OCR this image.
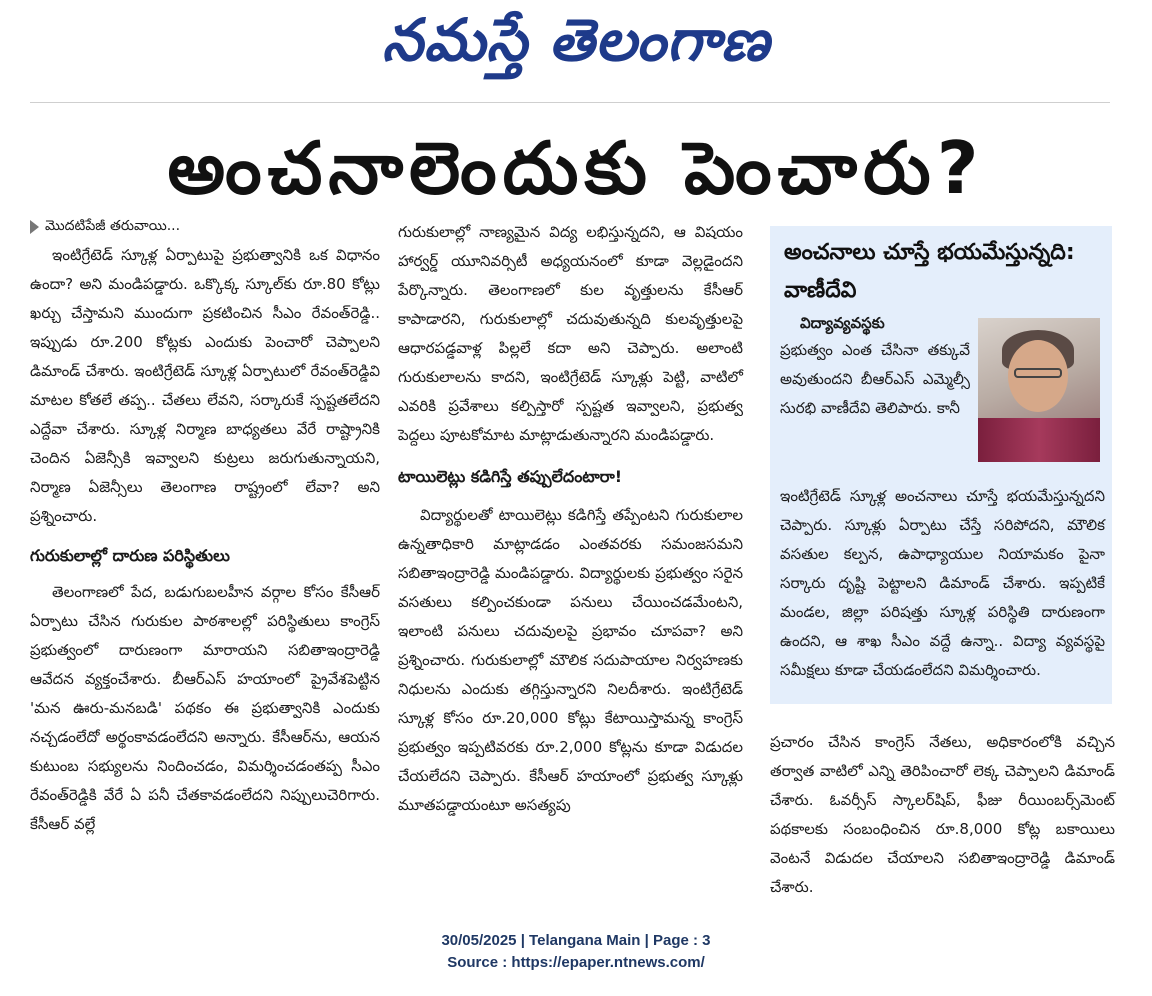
నమస్తే తెలంగాణ
అంచనాలెందుకు పెంచారు?
మొదటిపేజీ తరువాయి...

ఇంటిగ్రేటెడ్ స్కూళ్ల ఏర్పాటుపై ప్రభుత్వానికి ఒక విధానం ఉందా? అని మండిపడ్డారు. ఒక్కొక్క స్కూల్‌కు రూ.80 కోట్లు ఖర్చు చేస్తామని ముందుగా ప్రకటించిన సీఎం రేవంత్‌రెడ్డి.. ఇప్పుడు రూ.200 కోట్లకు ఎందుకు పెంచారో చెప్పాలని డిమాండ్ చేశారు. ఇంటిగ్రేటెడ్ స్కూళ్ల ఏర్పాటులో రేవంత్‌రెడ్డివి మాటల కోతలే తప్ప.. చేతలు లేవని, సర్కారుకే స్పష్టతలేదని ఎద్దేవా చేశారు. స్కూళ్ల నిర్మాణ బాధ్యతలు వేరే రాష్ట్రానికి చెందిన ఏజెన్సీకి ఇవ్వాలని కుట్రలు జరుగుతున్నాయని, నిర్మాణ ఏజెన్సీలు తెలంగాణ రాష్ట్రంలో లేవా? అని ప్రశ్నించారు.

గురుకులాల్లో దారుణ పరిస్థితులు

తెలంగాణలో పేద, బడుగుబలహీన వర్గాల కోసం కేసీఆర్ ఏర్పాటు చేసిన గురుకుల పాఠశాలల్లో పరిస్థితులు కాంగ్రెస్ ప్రభుత్వంలో దారుణంగా మారాయని సబితాఇంద్రారెడ్డి ఆవేదన వ్యక్తంచేశారు. బీఆర్‌ఎస్ హయాంలో ప్రైవేశపెట్టిన 'మన ఊరు-మనబడి' పథకం ఈ ప్రభుత్వానికి ఎందుకు నచ్చడంలేదో అర్థంకావడంలేదని అన్నారు. కేసీఆర్‌ను, ఆయన కుటుంబ సభ్యులను నిందించడం, విమర్శించడంతప్ప సీఎం రేవంత్‌రెడ్డికి వేరే ఏ పనీ చేతకావడంలేదని నిప్పులుచెరిగారు. కేసీఆర్ వల్లే

గురుకులాల్లో నాణ్యమైన విద్య లభిస్తున్నదని, ఆ విషయం హార్వర్డ్ యూనివర్సిటీ అధ్యయనంలో కూడా వెల్లడైందని పేర్కొన్నారు. తెలంగాణలో కుల వృత్తులను కేసీఆర్ కాపాడారని, గురుకులాల్లో చదువుతున్నది కులవృత్తులపై ఆధారపడ్డవాళ్ల పిల్లలే కదా అని చెప్పారు. అలాంటి గురుకులాలను కాదని, ఇంటిగ్రేటెడ్ స్కూళ్లు పెట్టి, వాటిలో ఎవరికి ప్రవేశాలు కల్పిస్తారో స్పష్టత ఇవ్వాలని, ప్రభుత్వ పెద్దలు పూటకోమాట మాట్లాడుతున్నారని మండిపడ్డారు.

టాయిలెట్లు కడిగిస్తే తప్పులేదంటారా!

విద్యార్థులతో టాయిలెట్లు కడిగిస్తే తప్పేంటని గురుకులాల ఉన్నతాధికారి మాట్లాడడం ఎంతవరకు సమంజసమని సబితాఇంద్రారెడ్డి మండిపడ్డారు. విద్యార్థులకు ప్రభుత్వం సరైన వసతులు కల్పించకుండా పనులు చేయించడమేంటని, ఇలాంటి పనులు చదువులపై ప్రభావం చూపవా? అని ప్రశ్నించారు. గురుకులాల్లో మౌలిక సదుపాయాల నిర్వహణకు నిధులను ఎందుకు తగ్గిస్తున్నారని నిలదీశారు. ఇంటిగ్రేటెడ్ స్కూళ్ల కోసం రూ.20,000 కోట్లు కేటాయిస్తామన్న కాంగ్రెస్ ప్రభుత్వం ఇప్పటివరకు రూ.2,000 కోట్లను కూడా విడుదల చేయలేదని చెప్పారు. కేసీఆర్ హయాంలో ప్రభుత్వ స్కూళ్లు మూతపడ్డాయంటూ అసత్యపు

అంచనాలు చూస్తే భయమేస్తున్నది: వాణీదేవి
విద్యావ్యవస్థకు
ప్రభుత్వం ఎంత చేసినా తక్కువే అవుతుందని బీఆర్‌ఎస్ ఎమ్మెల్సీ సురభి వాణీదేవి తెలిపారు. కానీ
ఇంటిగ్రేటెడ్ స్కూళ్ల అంచనాలు చూస్తే భయమేస్తున్నదని చెప్పారు. స్కూళ్లు ఏర్పాటు చేస్తే సరిపోదని, మౌలిక వసతుల కల్పన, ఉపాధ్యాయుల నియామకం పైనా సర్కారు దృష్టి పెట్టాలని డిమాండ్ చేశారు. ఇప్పటికే మండల, జిల్లా పరిషత్తు స్కూళ్ల పరిస్థితి దారుణంగా ఉందని, ఆ శాఖ సీఎం వద్దే ఉన్నా.. విద్యా వ్యవస్థపై సమీక్షలు కూడా చేయడంలేదని విమర్శించారు.

ప్రచారం చేసిన కాంగ్రెస్ నేతలు, అధికారంలోకి వచ్చిన తర్వాత వాటిలో ఎన్ని తెరిపించారో లెక్క చెప్పాలని డిమాండ్ చేశారు. ఓవర్సీస్ స్కాలర్‌షిప్, ఫీజు రీయింబర్స్‌మెంట్ పథకాలకు సంబంధించిన రూ.8,000 కోట్ల బకాయిలు వెంటనే విడుదల చేయాలని సబితాఇంద్రారెడ్డి డిమాండ్ చేశారు.

30/05/2025 | Telangana Main | Page : 3
Source : https://epaper.ntnews.com/
